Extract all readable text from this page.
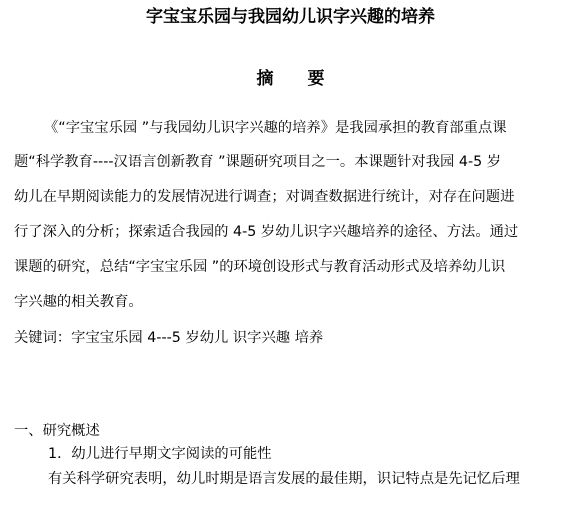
字宝宝乐园与我园幼儿识字兴趣的培养
摘 要
《“字宝宝乐园 ”与我园幼儿识字兴趣的培养》是我园承担的教育部重点课
题“科学教育----汉语言创新教育 ”课题研究项目之一。本课题针对我园 4-5 岁
幼儿在早期阅读能力的发展情况进行调查；对调查数据进行统计，对存在问题进
行了深入的分析；探索适合我园的 4-5 岁幼儿识字兴趣培养的途径、方法。通过
课题的研究，总结“字宝宝乐园 ”的环境创设形式与教育活动形式及培养幼儿识
字兴趣的相关教育。
关键词：字宝宝乐园 4---5 岁幼儿 识字兴趣 培养
一、研究概述
1．幼儿进行早期文字阅读的可能性
有关科学研究表明，幼儿时期是语言发展的最佳期，识记特点是先记忆后理
